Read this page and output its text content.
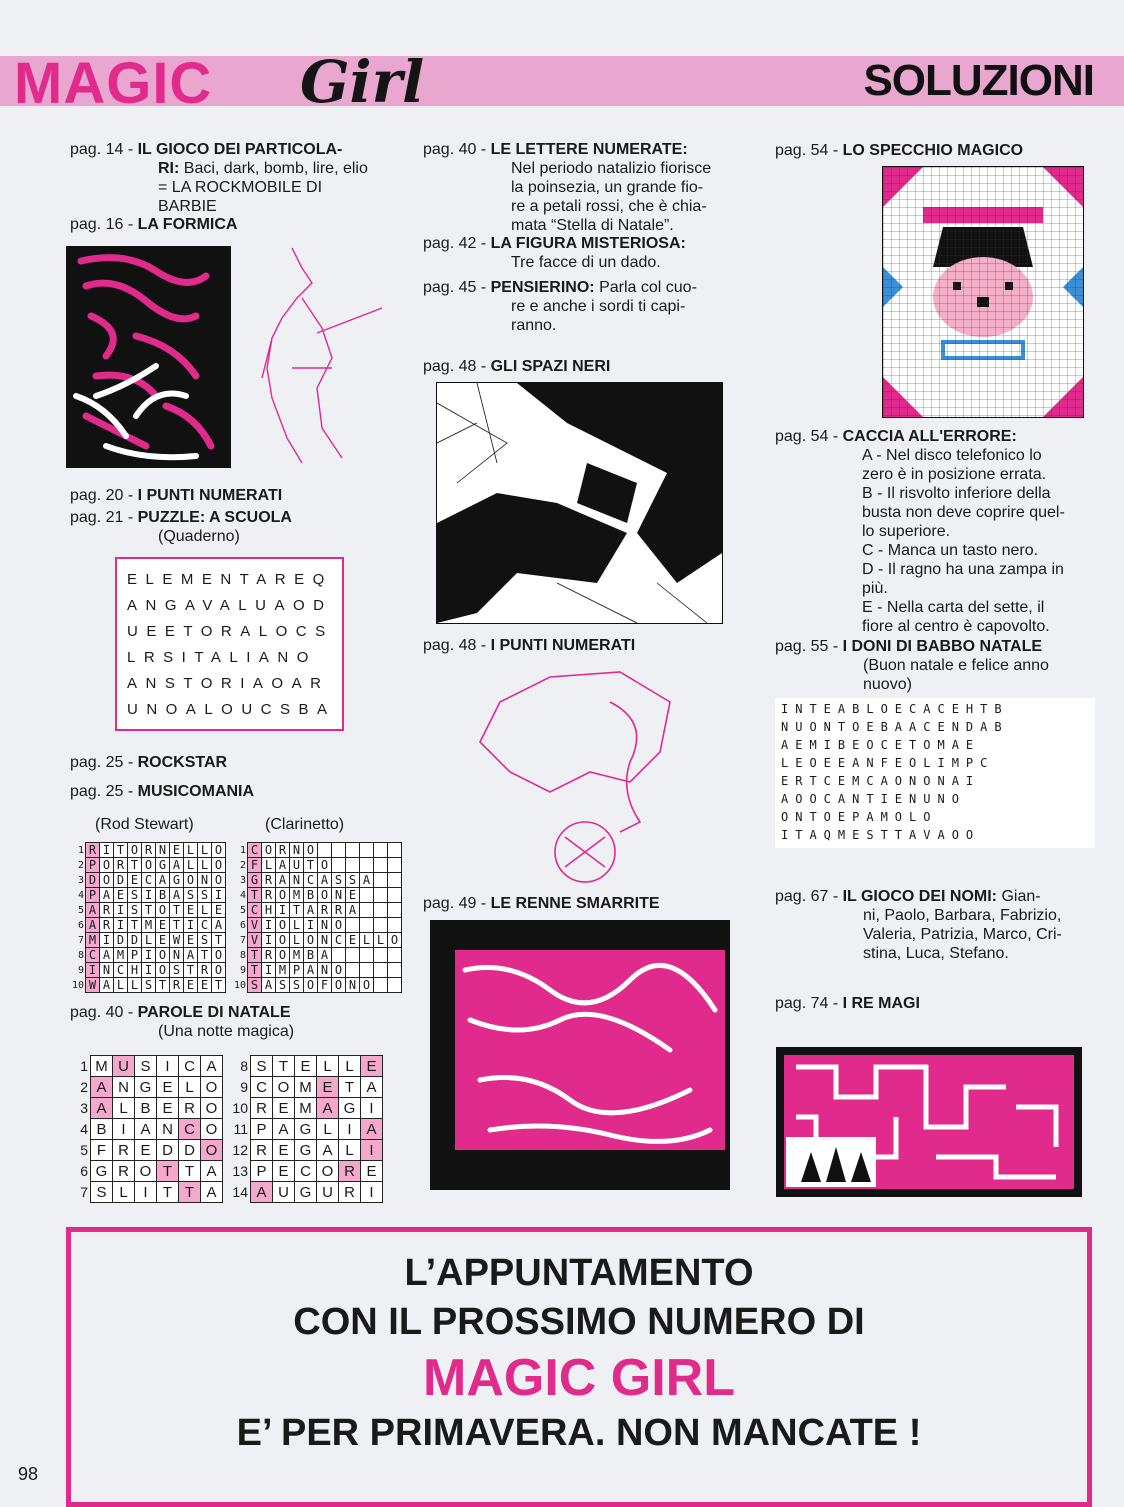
MAGIC Girl	SOLUZIONI
pag. 14 - IL GIOCO DEI PARTICOLA-
RI: Baci, dark, bomb, lire, elio
= LA ROCKMOBILE DI
BARBIE
pag. 16 - LA FORMICA
pag. 20 - I PUNTI NUMERATI
pag. 21 - PUZZLE: A SCUOLA
(Quaderno)
ELEMENTAREQ
ANGAVALUAOD
UEETORALOCS
LRSITALIANO
ANSTORIAOAR
UNOALOUCSBA
pag. 25 - ROCKSTAR
pag. 25 - MUSICOMANIA
(Rod Stewart)	(Clarinetto)
1	R	I	T	O	R	N	E	L	L	O
2	P	O	R	T	O	G	A	L	L	O
3	D	O	D	E	C	A	G	O	N	O
4	P	A	E	S	I	B	A	S	S	I
5	A	R	I	S	T	O	T	E	L	E
6	A	R	I	T	M	E	T	I	C	A
7	M	I	D	D	L	E	W	E	S	T
8	C	A	M	P	I	O	N	A	T	O
9	I	N	C	H	I	O	S	T	R	O
10	W	A	L	L	S	T	R	E	E	T
1	C	O	R	N	O						
2	F	L	A	U	T	O					
3	G	R	A	N	C	A	S	S	A		
4	T	R	O	M	B	O	N	E			
5	C	H	I	T	A	R	R	A			
6	V	I	O	L	I	N	O				
7	V	I	O	L	O	N	C	E	L	L	O
8	T	R	O	M	B	A					
9	T	I	M	P	A	N	O				
10	S	A	S	S	O	F	O	N	O		
pag. 40 - PAROLE DI NATALE
(Una notte magica)
1	M	U	S	I	C	A
2	A	N	G	E	L	O
3	A	L	B	E	R	O
4	B	I	A	N	C	O
5	F	R	E	D	D	O
6	G	R	O	T	T	A
7	S	L	I	T	T	A
8	S	T	E	L	L	E
9	C	O	M	E	T	A
10	R	E	M	A	G	I
11	P	A	G	L	I	A
12	R	E	G	A	L	I
13	P	E	C	O	R	E
14	A	U	G	U	R	I
pag. 40 - LE LETTERE NUMERATE:
Nel periodo natalizio fiorisce
la poinsezia, un grande fio-
re a petali rossi, che è chia-
mata “Stella di Natale”.
pag. 42 - LA FIGURA MISTERIOSA:
Tre facce di un dado.
pag. 45 - PENSIERINO: Parla col cuo-
re e anche i sordi ti capi-
ranno.
pag. 48 - GLI SPAZI NERI
pag. 48 - I PUNTI NUMERATI
pag. 49 - LE RENNE SMARRITE
pag. 54 - LO SPECCHIO MAGICO
pag. 54 - CACCIA ALL'ERRORE:
A - Nel disco telefonico lo
zero è in posizione errata.
B - Il risvolto inferiore della
busta non deve coprire quel-
lo superiore.
C - Manca un tasto nero.
D - Il ragno ha una zampa in
più.
E - Nella carta del sette, il
fiore al centro è capovolto.
pag. 55 - I DONI DI BABBO NATALE
(Buon natale e felice anno
nuovo)
INTEABLOECACEHTB
NUONTOEBAACENDAB
AEMIBEOCETOMAE
LEOEEANFEOLIMPC
ERTCEMCAONONAI
AOOCANTIENUNO
ONTOEPAMOLO
ITAQMESTTAVAOO
pag. 67 - IL GIOCO DEI NOMI: Gian-
ni, Paolo, Barbara, Fabrizio,
Valeria, Patrizia, Marco, Cri-
stina, Luca, Stefano.
pag. 74 - I RE MAGI
L’APPUNTAMENTO
CON IL PROSSIMO NUMERO DI
MAGIC GIRL
E’ PER PRIMAVERA. NON MANCATE !
98
